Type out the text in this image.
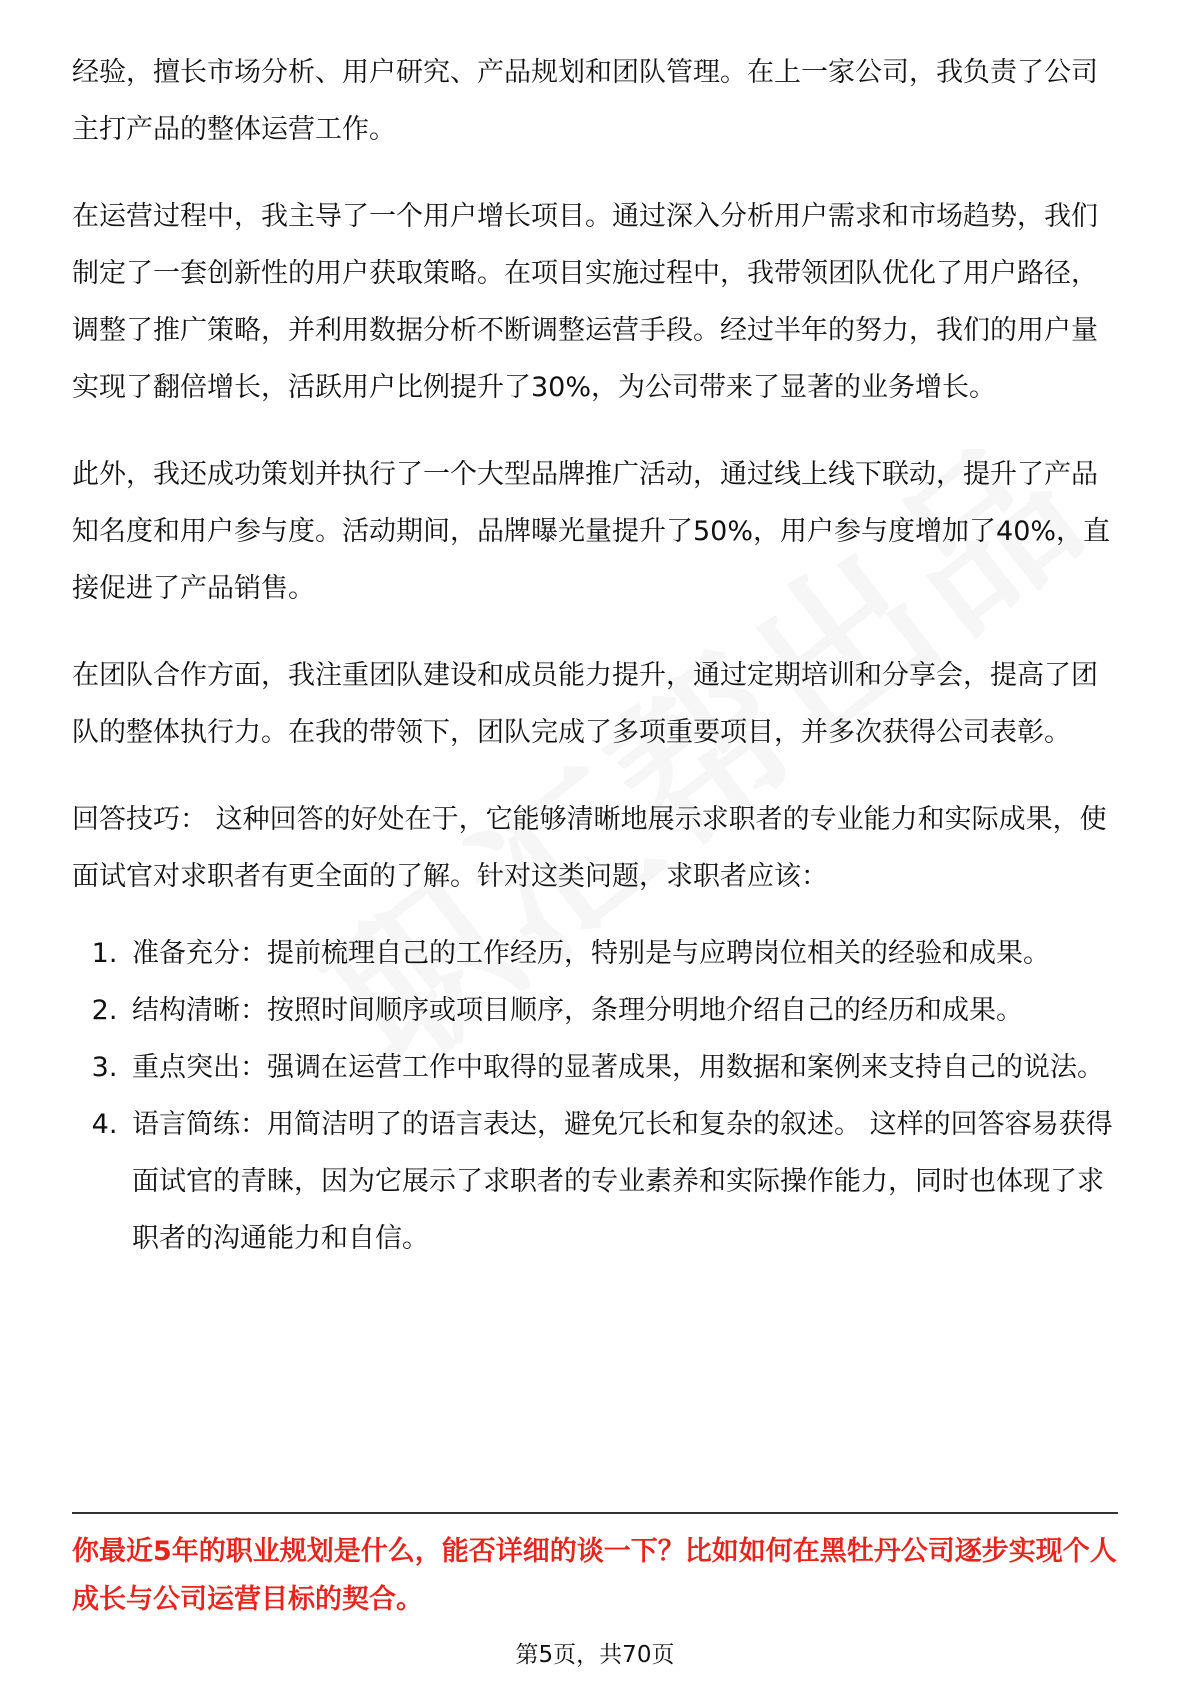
经验，擅长市场分析、用户研究、产品规划和团队管理。在上一家公司，我负责了公司主打产品的整体运营工作。

在运营过程中，我主导了一个用户增长项目。通过深入分析用户需求和市场趋势，我们制定了一套创新性的用户获取策略。在项目实施过程中，我带领团队优化了用户路径，调整了推广策略，并利用数据分析不断调整运营手段。经过半年的努力，我们的用户量实现了翻倍增长，活跃用户比例提升了30%，为公司带来了显著的业务增长。

此外，我还成功策划并执行了一个大型品牌推广活动，通过线上线下联动，提升了产品知名度和用户参与度。活动期间，品牌曝光量提升了50%，用户参与度增加了40%，直接促进了产品销售。

在团队合作方面，我注重团队建设和成员能力提升，通过定期培训和分享会，提高了团队的整体执行力。在我的带领下，团队完成了多项重要项目，并多次获得公司表彰。

回答技巧： 这种回答的好处在于，它能够清晰地展示求职者的专业能力和实际成果，使面试官对求职者有更全面的了解。针对这类问题，求职者应该：

1. 准备充分：提前梳理自己的工作经历，特别是与应聘岗位相关的经验和成果。
2. 结构清晰：按照时间顺序或项目顺序，条理分明地介绍自己的经历和成果。
3. 重点突出：强调在运营工作中取得的显著成果，用数据和案例来支持自己的说法。
4. 语言简练：用简洁明了的语言表达，避免冗长和复杂的叙述。 这样的回答容易获得面试官的青睐，因为它展示了求职者的专业素养和实际操作能力，同时也体现了求职者的沟通能力和自信。

你最近5年的职业规划是什么，能否详细的谈一下？比如如何在黑牡丹公司逐步实现个人成长与公司运营目标的契合。

第5页，共70页
